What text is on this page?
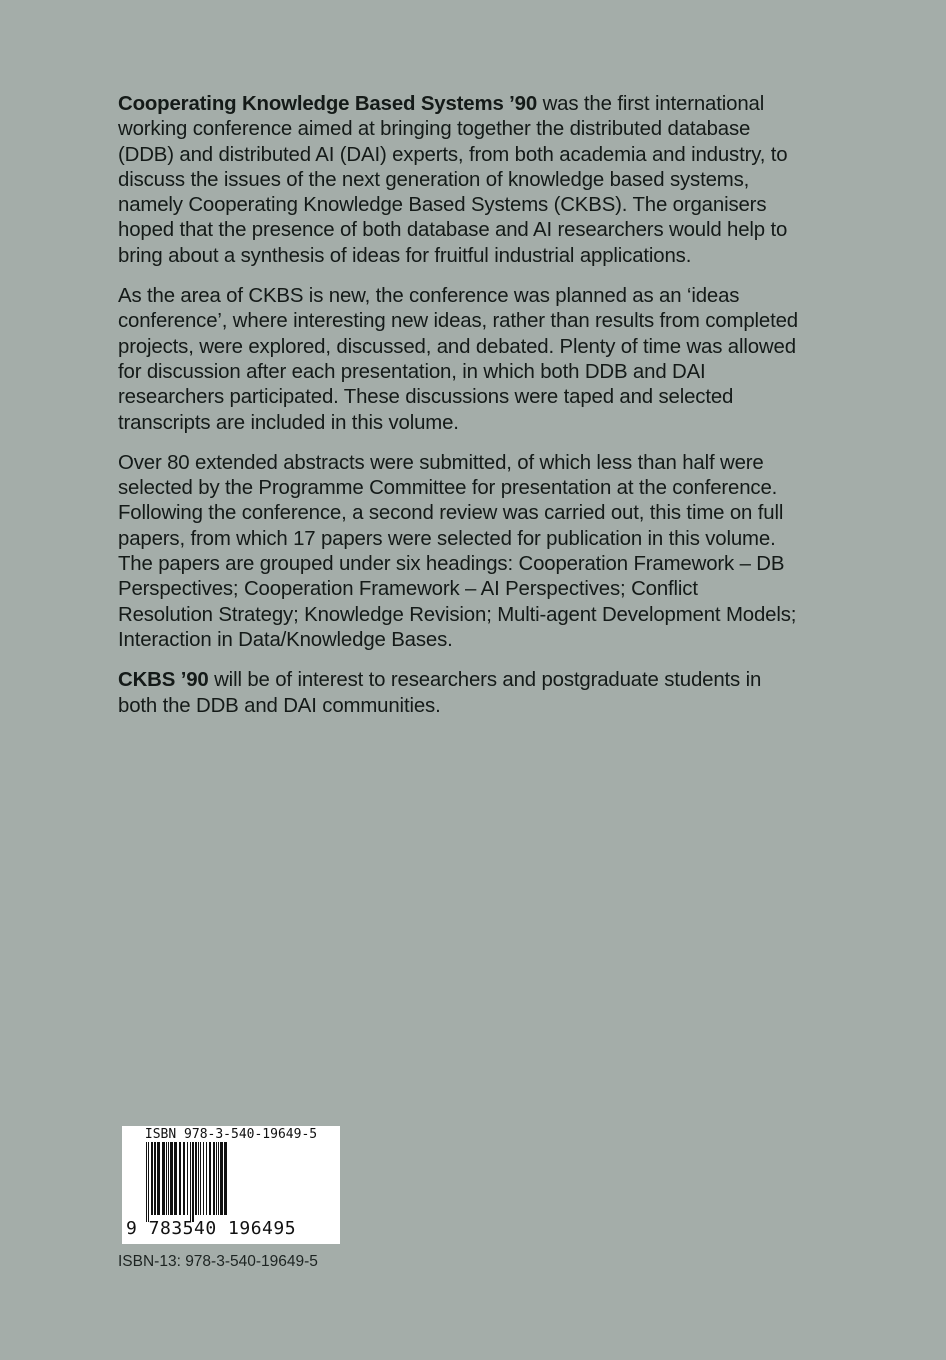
Cooperating Knowledge Based Systems ’90 was the first international working conference aimed at bringing together the distributed database (DDB) and distributed AI (DAI) experts, from both academia and industry, to discuss the issues of the next generation of knowledge based systems, namely Cooperating Knowledge Based Systems (CKBS). The organisers hoped that the presence of both database and AI researchers would help to bring about a synthesis of ideas for fruitful industrial applications.

As the area of CKBS is new, the conference was planned as an ‘ideas conference’, where interesting new ideas, rather than results from completed projects, were explored, discussed, and debated. Plenty of time was allowed for discussion after each presentation, in which both DDB and DAI researchers participated. These discussions were taped and selected transcripts are included in this volume.

Over 80 extended abstracts were submitted, of which less than half were selected by the Programme Committee for presentation at the conference. Following the conference, a second review was carried out, this time on full papers, from which 17 papers were selected for publication in this volume. The papers are grouped under six headings: Cooperation Framework – DB Perspectives; Cooperation Framework – AI Perspectives; Conflict Resolution Strategy; Knowledge Revision; Multi-agent Development Models; Interaction in Data/Knowledge Bases.

CKBS ’90 will be of interest to researchers and postgraduate students in both the DDB and DAI communities.

ISBN 978-3-540-19649-5
9 783540 196495
ISBN-13: 978-3-540-19649-5
